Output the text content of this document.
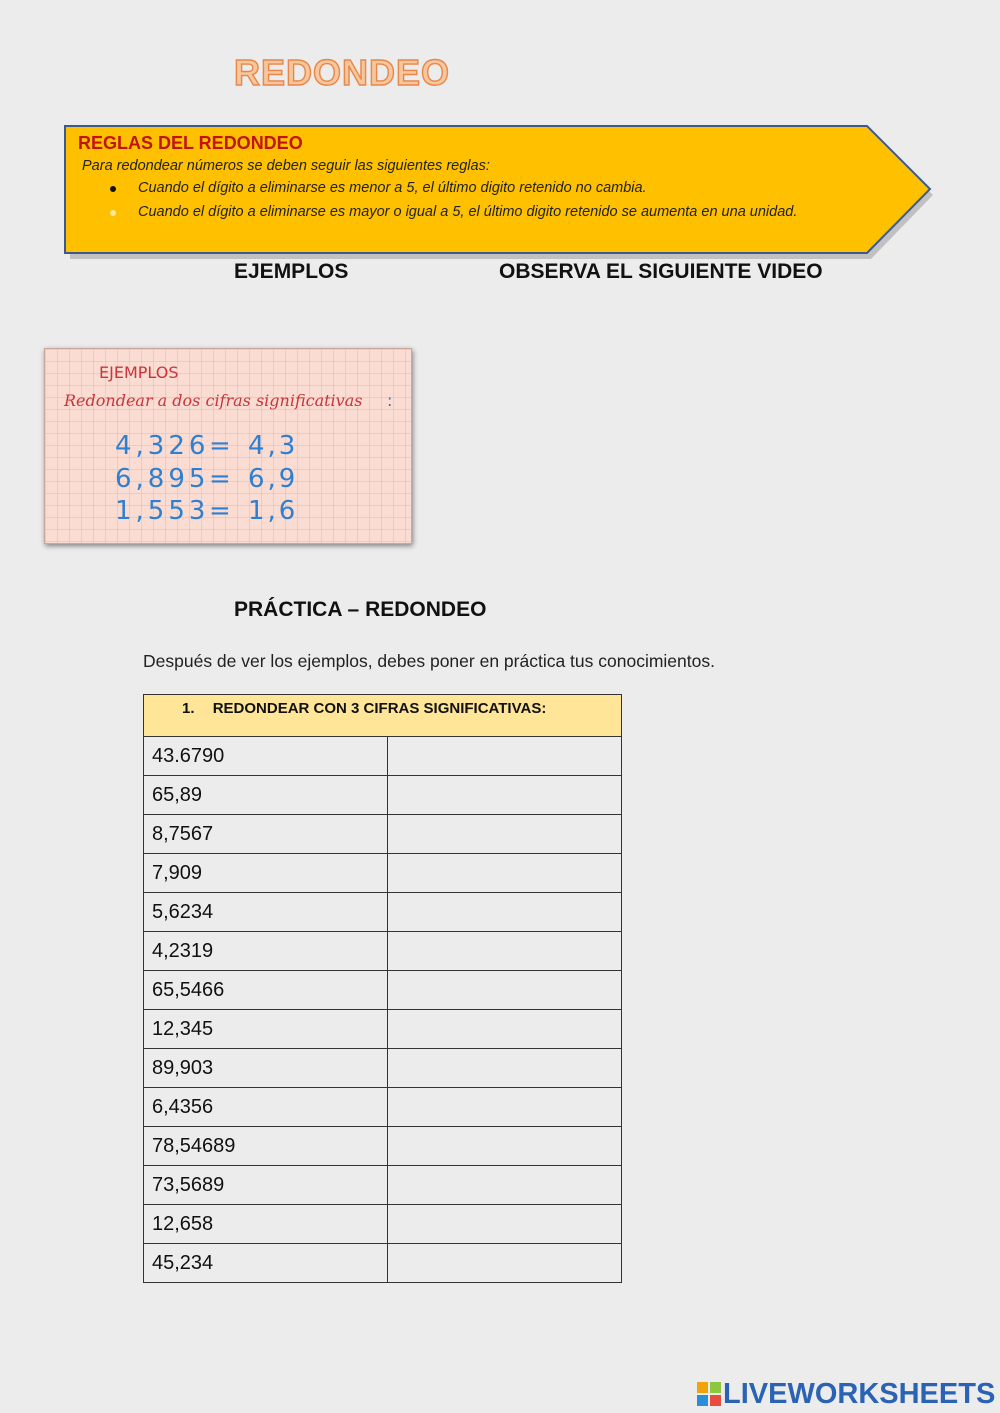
REDONDEO
REGLAS DEL REDONDEO
Para redondear números se deben seguir las siguientes reglas:
Cuando el dígito a eliminarse es menor a 5, el último digito retenido no cambia.
Cuando el dígito a eliminarse es mayor o igual a 5, el último digito retenido se aumenta en una unidad.
EJEMPLOS	OBSERVA EL SIGUIENTE VIDEO
EJEMPLOS
Redondear a dos cifras significativas :
4,326 = 4,3
6,895 = 6,9
1,553 = 1,6
PRÁCTICA – REDONDEO
Después de ver los ejemplos, debes poner en práctica tus conocimientos.
1. REDONDEAR CON 3 CIFRAS SIGNIFICATIVAS:	

43.6790	
65,89	
8,7567	
7,909	
5,6234	
4,2319	
65,5466	
12,345	
89,903	
6,4356	
78,54689	
73,5689	
12,658	
45,234	
LIVEWORKSHEETS
